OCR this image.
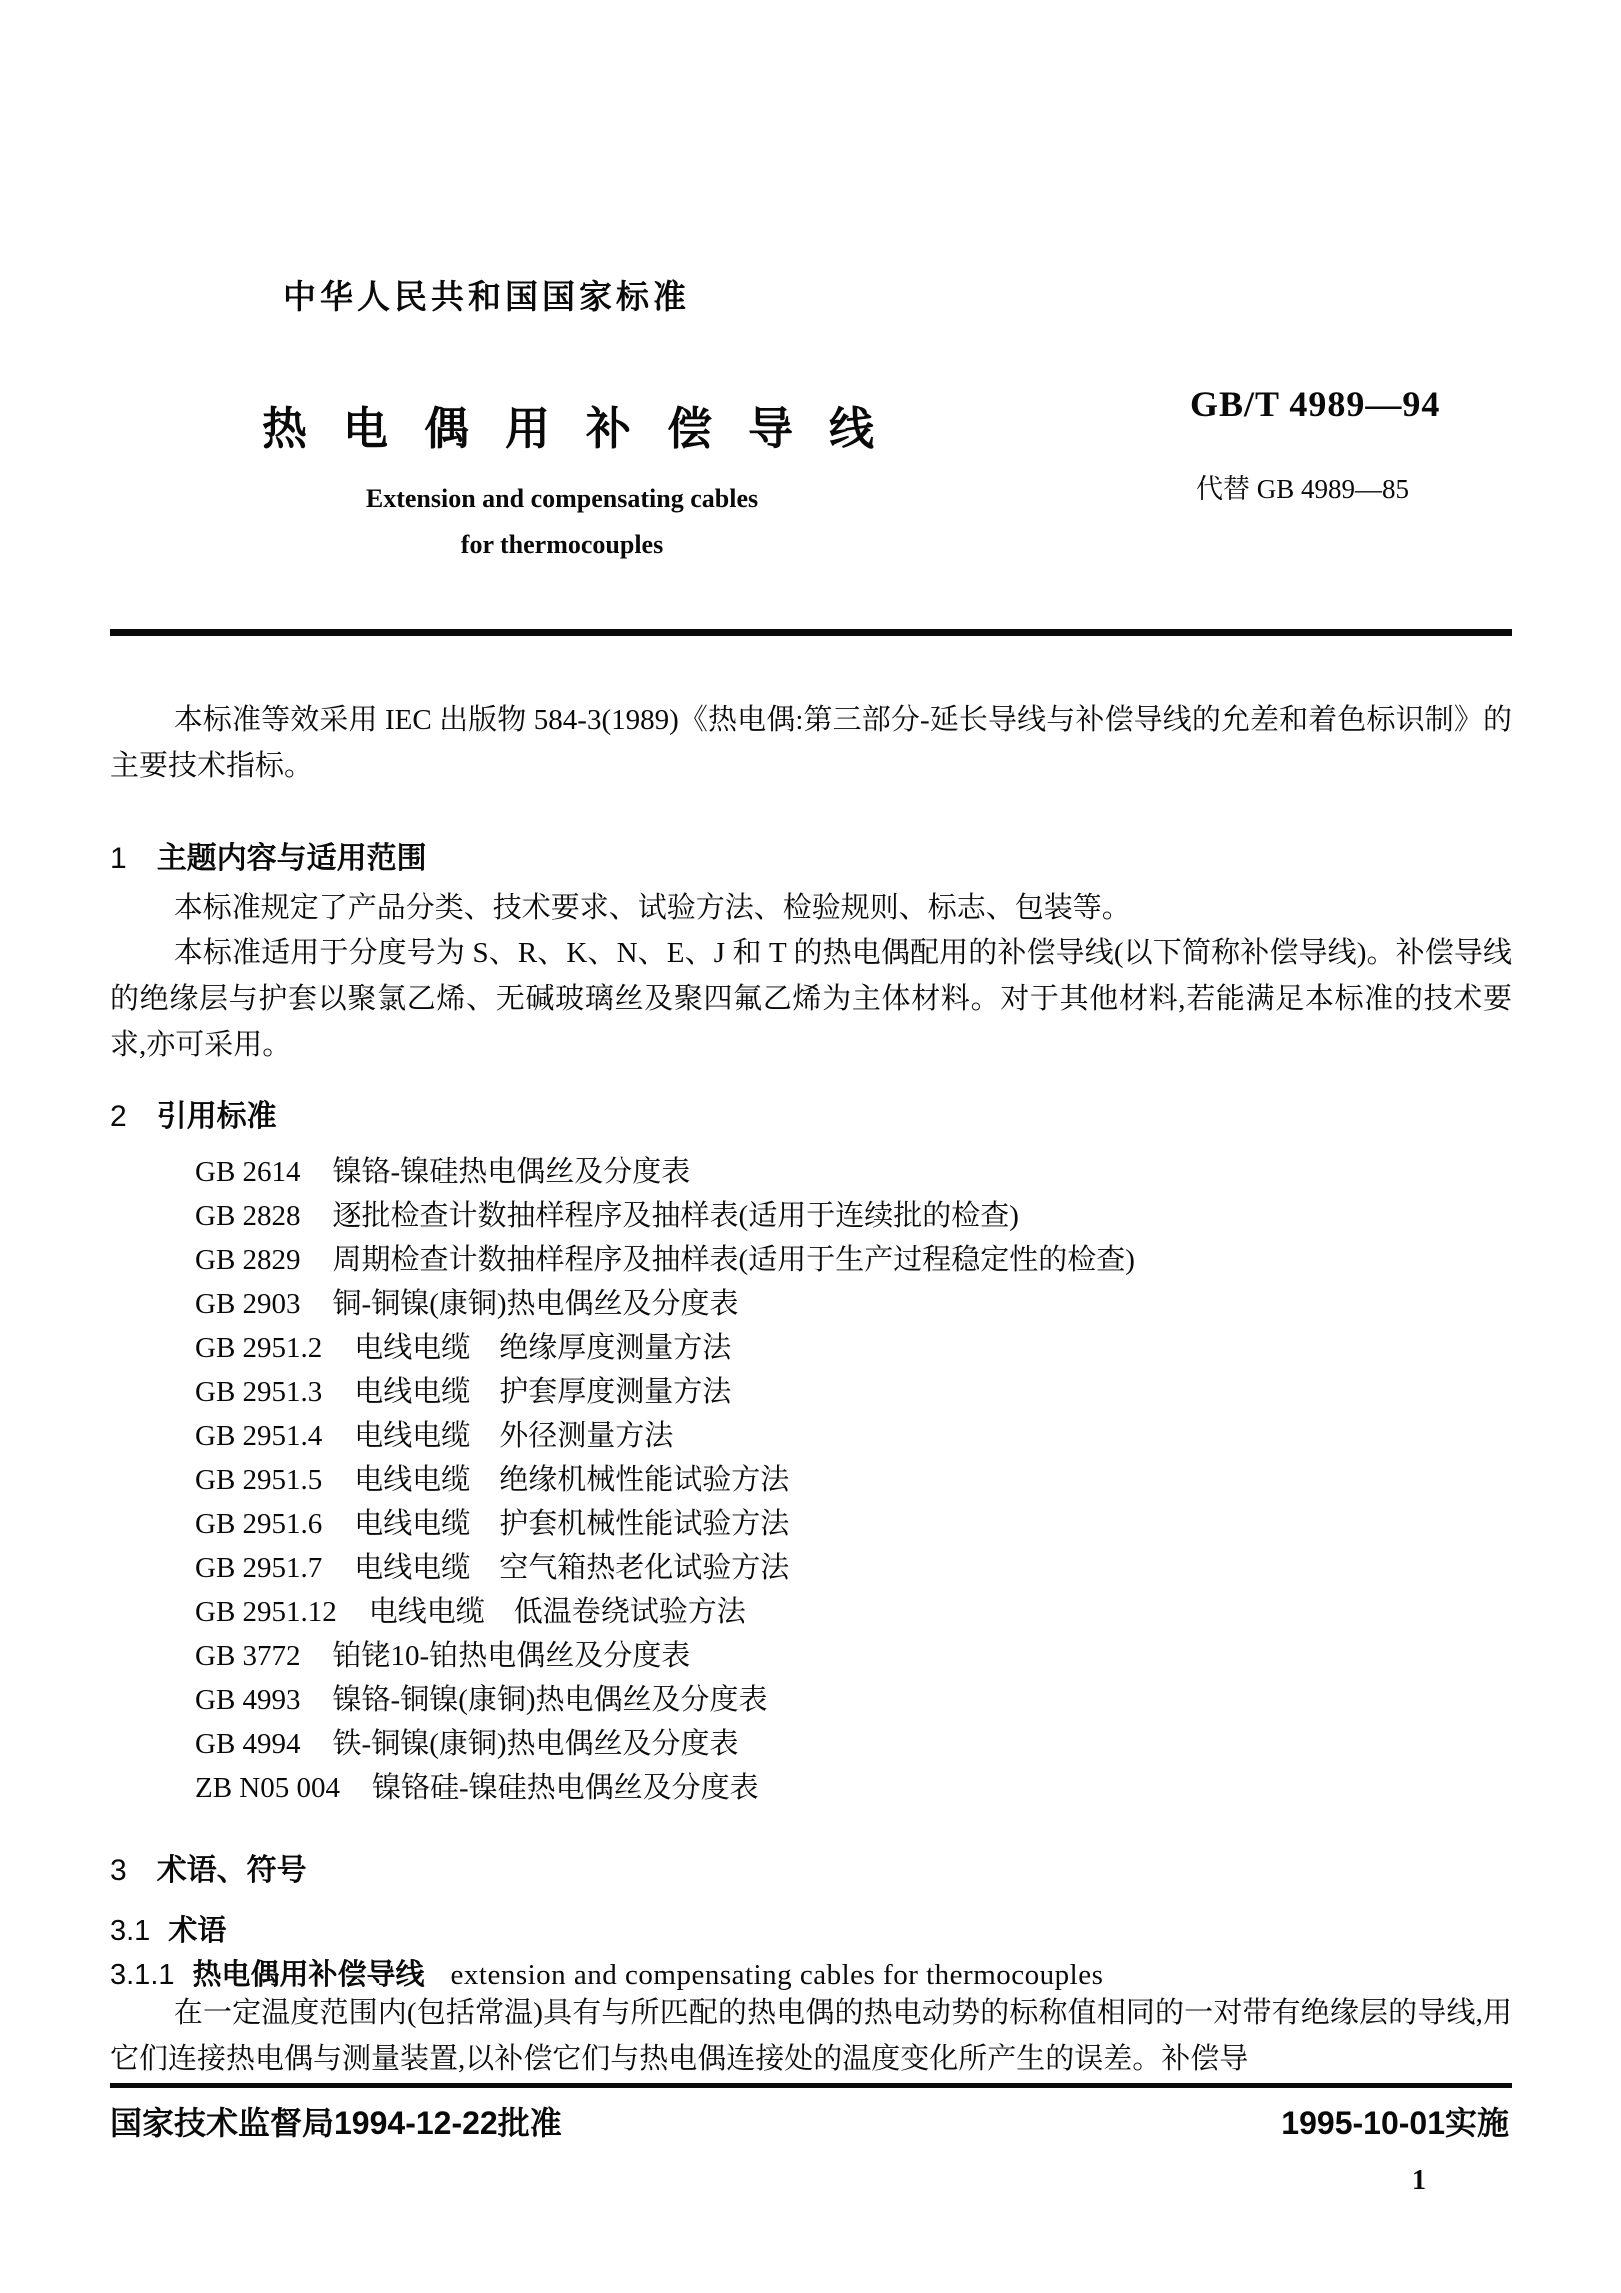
中华人民共和国国家标准
热电偶用补偿导线	GB/T 4989—94
代替 GB 4989—85
Extension and compensating cables
for thermocouples
本标准等效采用 IEC 出版物 584-3(1989)《热电偶:第三部分-延长导线与补偿导线的允差和着色标识制》的主要技术指标。
1 主题内容与适用范围
本标准规定了产品分类、技术要求、试验方法、检验规则、标志、包装等。
本标准适用于分度号为 S、R、K、N、E、J 和 T 的热电偶配用的补偿导线(以下简称补偿导线)。补偿导线的绝缘层与护套以聚氯乙烯、无碱玻璃丝及聚四氟乙烯为主体材料。对于其他材料,若能满足本标准的技术要求,亦可采用。
2 引用标准
GB 2614 镍铬-镍硅热电偶丝及分度表
GB 2828 逐批检查计数抽样程序及抽样表(适用于连续批的检查)
GB 2829 周期检查计数抽样程序及抽样表(适用于生产过程稳定性的检查)
GB 2903 铜-铜镍(康铜)热电偶丝及分度表
GB 2951.2 电线电缆　绝缘厚度测量方法
GB 2951.3 电线电缆　护套厚度测量方法
GB 2951.4 电线电缆　外径测量方法
GB 2951.5 电线电缆　绝缘机械性能试验方法
GB 2951.6 电线电缆　护套机械性能试验方法
GB 2951.7 电线电缆　空气箱热老化试验方法
GB 2951.12 电线电缆　低温卷绕试验方法
GB 3772 铂铑10-铂热电偶丝及分度表
GB 4993 镍铬-铜镍(康铜)热电偶丝及分度表
GB 4994 铁-铜镍(康铜)热电偶丝及分度表
ZB N05 004 镍铬硅-镍硅热电偶丝及分度表
3 术语、符号
3.1 术语
3.1.1 热电偶用补偿导线 extension and compensating cables for thermocouples
在一定温度范围内(包括常温)具有与所匹配的热电偶的热电动势的标称值相同的一对带有绝缘层的导线,用它们连接热电偶与测量装置,以补偿它们与热电偶连接处的温度变化所产生的误差。补偿导
国家技术监督局1994-12-22批准	1995-10-01实施
1
